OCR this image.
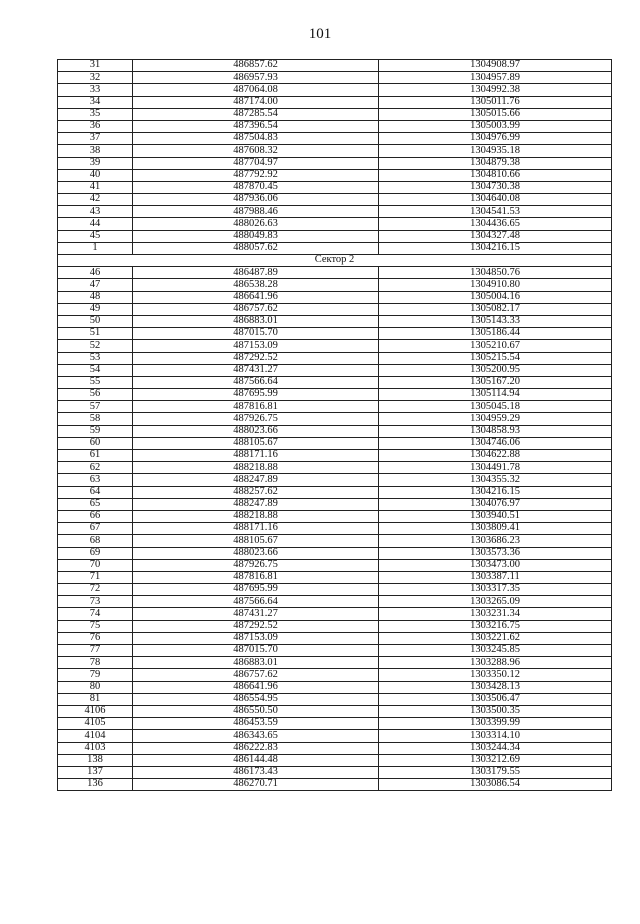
101
31	486857.62	1304908.97
32	486957.93	1304957.89
33	487064.08	1304992.38
34	487174.00	1305011.76
35	487285.54	1305015.66
36	487396.54	1305003.99
37	487504.83	1304976.99
38	487608.32	1304935.18
39	487704.97	1304879.38
40	487792.92	1304810.66
41	487870.45	1304730.38
42	487936.06	1304640.08
43	487988.46	1304541.53
44	488026.63	1304436.65
45	488049.83	1304327.48
1	488057.62	1304216.15
Сектор 2		
46	486487.89	1304850.76
47	486538.28	1304910.80
48	486641.96	1305004.16
49	486757.62	1305082.17
50	486883.01	1305143.33
51	487015.70	1305186.44
52	487153.09	1305210.67
53	487292.52	1305215.54
54	487431.27	1305200.95
55	487566.64	1305167.20
56	487695.99	1305114.94
57	487816.81	1305045.18
58	487926.75	1304959.29
59	488023.66	1304858.93
60	488105.67	1304746.06
61	488171.16	1304622.88
62	488218.88	1304491.78
63	488247.89	1304355.32
64	488257.62	1304216.15
65	488247.89	1304076.97
66	488218.88	1303940.51
67	488171.16	1303809.41
68	488105.67	1303686.23
69	488023.66	1303573.36
70	487926.75	1303473.00
71	487816.81	1303387.11
72	487695.99	1303317.35
73	487566.64	1303265.09
74	487431.27	1303231.34
75	487292.52	1303216.75
76	487153.09	1303221.62
77	487015.70	1303245.85
78	486883.01	1303288.96
79	486757.62	1303350.12
80	486641.96	1303428.13
81	486554.95	1303506.47
4106	486550.50	1303500.35
4105	486453.59	1303399.99
4104	486343.65	1303314.10
4103	486222.83	1303244.34
138	486144.48	1303212.69
137	486173.43	1303179.55
136	486270.71	1303086.54
